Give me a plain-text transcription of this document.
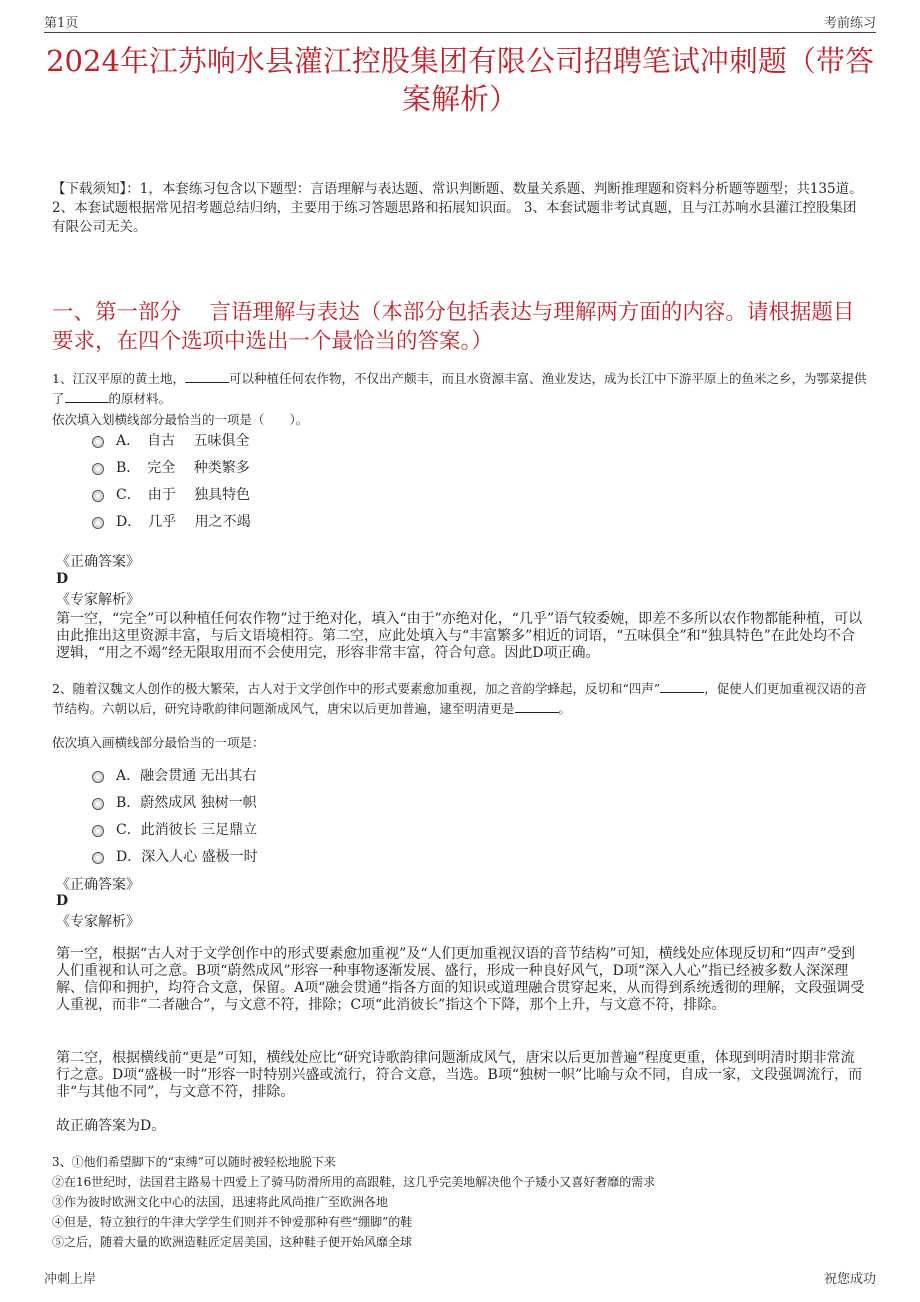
第1页	考前练习
2024年江苏响水县灌江控股集团有限公司招聘笔试冲刺题（带答案解析）
【下载须知】：1，本套练习包含以下题型：言语理解与表达题、常识判断题、数量关系题、判断推理题和资料分析题等题型；共135道。 2、本套试题根据常见招考题总结归纳，主要用于练习答题思路和拓展知识面。 3、本套试题非考试真题，且与江苏响水县灌江控股集团有限公司无关。
一、第一部分　 言语理解与表达（本部分包括表达与理解两方面的内容。请根据题目要求，在四个选项中选出一个最恰当的答案。）
1、江汉平原的黄土地，	可以种植任何农作物，不仅出产颇丰，而且水资源丰富、渔业发达，成为长江中下游平原上的鱼米之乡，为鄂菜提供了	的原材料。
依次填入划横线部分最恰当的一项是（　　）。
A．　自古　 五味俱全
B．　完全　 种类繁多
C．　由于　 独具特色
D．　几乎　 用之不竭
《正确答案》
D
《专家解析》
第一空，“完全”可以种植任何农作物”过于绝对化，填入“由于”亦绝对化，“几乎”语气较委婉，即差不多所以农作物都能种植，可以由此推出这里资源丰富，与后文语境相符。第二空，应此处填入与“丰富繁多”相近的词语，“五味俱全”和“独具特色”在此处均不合逻辑，“用之不竭”经无限取用而不会使用完，形容非常丰富，符合句意。因此D项正确。
2、随着汉魏文人创作的极大繁荣，古人对于文学创作中的形式要素愈加重视，加之音韵学蜂起，反切和“四声”	，促使人们更加重视汉语的音节结构。六朝以后，研究诗歌韵律问题渐成风气，唐宋以后更加普遍，逮至明清更是	。
依次填入画横线部分最恰当的一项是：
A．融会贯通 无出其右
B．蔚然成风 独树一帜
C．此消彼长 三足鼎立
D．深入人心 盛极一时
《正确答案》
D
《专家解析》
第一空，根据“古人对于文学创作中的形式要素愈加重视”及“人们更加重视汉语的音节结构”可知，横线处应体现反切和“四声”受到人们重视和认可之意。B项“蔚然成风”形容一种事物逐渐发展、盛行，形成一种良好风气，D项“深入人心”指已经被多数人深深理解、信仰和拥护，均符合文意，保留。A项“融会贯通”指各方面的知识或道理融合贯穿起来，从而得到系统透彻的理解，文段强调受人重视，而非“二者融合”，与文意不符，排除；C项“此消彼长”指这个下降，那个上升，与文意不符，排除。
第二空，根据横线前“更是”可知，横线处应比“研究诗歌韵律问题渐成风气，唐宋以后更加普遍”程度更重，体现到明清时期非常流行之意。D项“盛极一时”形容一时特别兴盛或流行，符合文意，当选。B项“独树一帜”比喻与众不同，自成一家，文段强调流行，而非“与其他不同”，与文意不符，排除。
故正确答案为D。
3、①他们希望脚下的“束缚”可以随时被轻松地脱下来
②在16世纪时，法国君主路易十四爱上了骑马防滑所用的高跟鞋，这几乎完美地解决他个子矮小又喜好奢靡的需求
③作为彼时欧洲文化中心的法国，迅速将此风尚推广至欧洲各地
④但是，特立独行的牛津大学学生们则并不钟爱那种有些“绷脚”的鞋
⑤之后，随着大量的欧洲造鞋匠定居美国，这种鞋子便开始风靡全球
冲刺上岸	祝您成功
